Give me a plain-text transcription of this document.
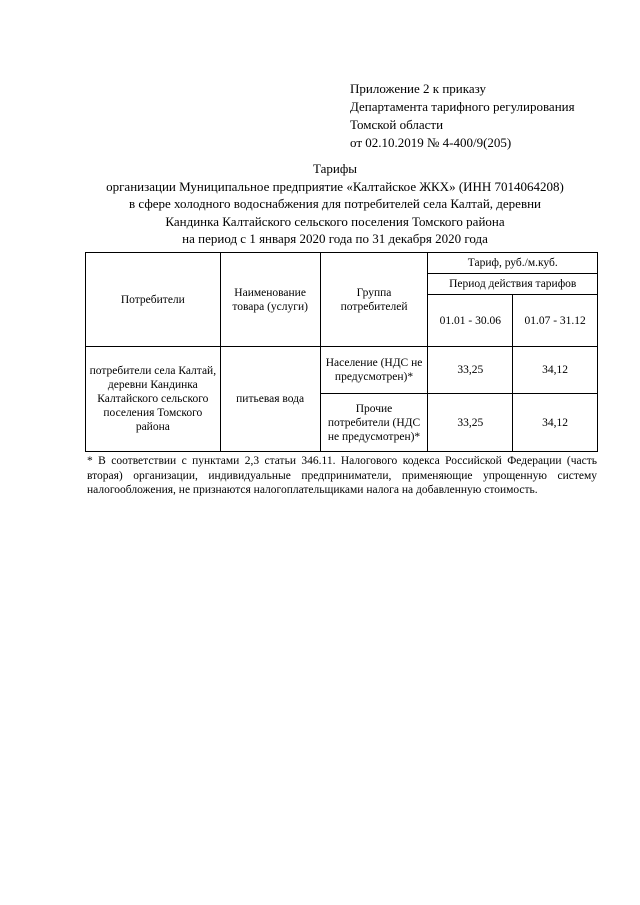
Приложение 2 к приказу
Департамента тарифного регулирования
Томской области
от 02.10.2019 № 4-400/9(205)
Тарифы
организации Муниципальное предприятие «Калтайское ЖКХ» (ИНН 7014064208)
в сфере холодного водоснабжения для потребителей села Калтай, деревни
Кандинка Калтайского сельского поселения Томского района
на период с 1 января 2020 года по 31 декабря 2020 года
Потребители	Наименование товара (услуги)	Группа потребителей	Тариф, руб./м.куб.	
			Период действия тарифов	
			01.01 - 30.06	01.07 - 31.12
потребители села Калтай, деревни Кандинка Калтайского сельского поселения Томского района	питьевая вода	Население (НДС не предусмотрен)*	33,25	34,12
		Прочие потребители (НДС не предусмотрен)*	33,25	34,12
* В соответствии с пунктами 2,3 статьи 346.11. Налогового кодекса Российской Федерации (часть вторая) организации, индивидуальные предприниматели, применяющие упрощенную систему налогообложения, не признаются налогоплательщиками налога на добавленную стоимость.
